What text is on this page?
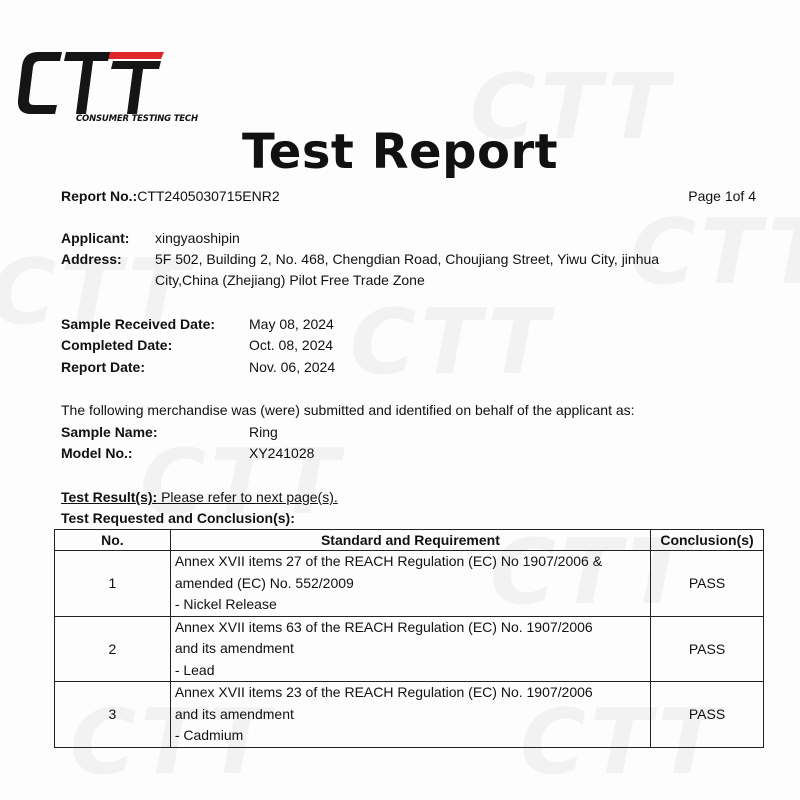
CONSUMER TESTING TECH
Test Report
Report No.:CTT2405030715ENR2	Page 1of 4
Applicant: xingyaoshipin
Address: 5F 502, Building 2, No. 468, Chengdian Road, Choujiang Street, Yiwu City, jinhua
City,China (Zhejiang) Pilot Free Trade Zone
Sample Received Date: May 08, 2024
Completed Date:	Oct. 08, 2024
Report Date:	Nov. 06, 2024
The following merchandise was (were) submitted and identified on behalf of the applicant as:
Sample Name:	Ring
Model No.:	XY241028
Test Result(s): Please refer to next page(s).
Test Requested and Conclusion(s):
No.	Standard and Requirement	Conclusion(s)
1	Annex XVII items 27 of the REACH Regulation (EC) No 1907/2006 &
amended (EC) No. 552/2009
- Nickel Release	PASS
2	Annex XVII items 63 of the REACH Regulation (EC) No. 1907/2006
and its amendment
- Lead	PASS
3	Annex XVII items 23 of the REACH Regulation (EC) No. 1907/2006
and its amendment
- Cadmium	PASS
